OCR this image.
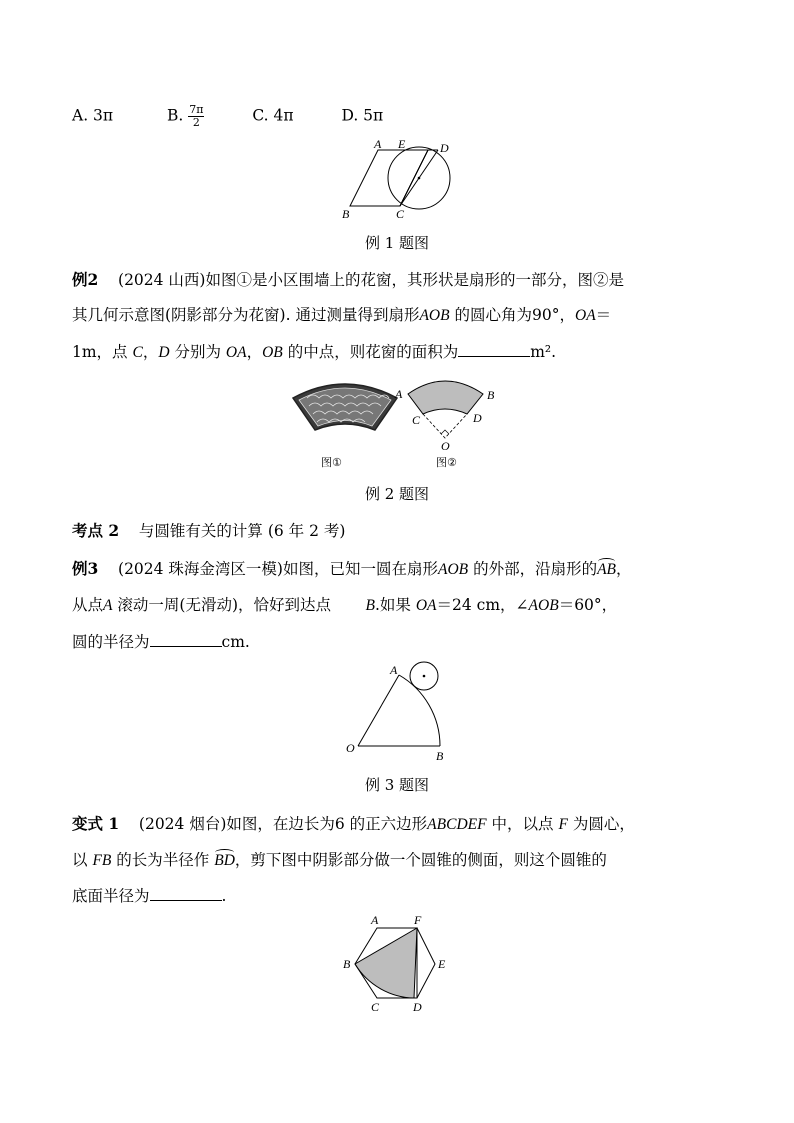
A. 3π	B. $\frac{7\pi}{2}$	C. 4π	D. 5π
A E	D
B	C
例 1 题图
例2 (2024 山西)如图①是小区围墙上的花窗，其形状是扇形的一部分，图②是
其几何示意图(阴影部分为花窗). 通过测量得到扇形AOB 的圆心角为90°，OA＝
1m，点 C，D 分别为 OA，OB 的中点，则花窗的面积为	m².
图①
A	B
C	D
O
图②
例 2 题图
考点 2 与圆锥有关的计算 (6 年 2 考)
例3 (2024 珠海金湾区一模)如图，已知一圆在扇形AOB 的外部，沿扇形的AB，
从点A 滚动一周(无滑动)，恰好到达点 B.如果 OA＝24 cm，∠AOB＝60°，
圆的半径为	cm.
A
O
B
例 3 题图
变式 1 (2024 烟台)如图，在边长为6 的正六边形ABCDEF 中，以点 F 为圆心，
以 FB 的长为半径作 BD，剪下图中阴影部分做一个圆锥的侧面，则这个圆锥的
底面半径为	.
A	F
B	E
C	D
